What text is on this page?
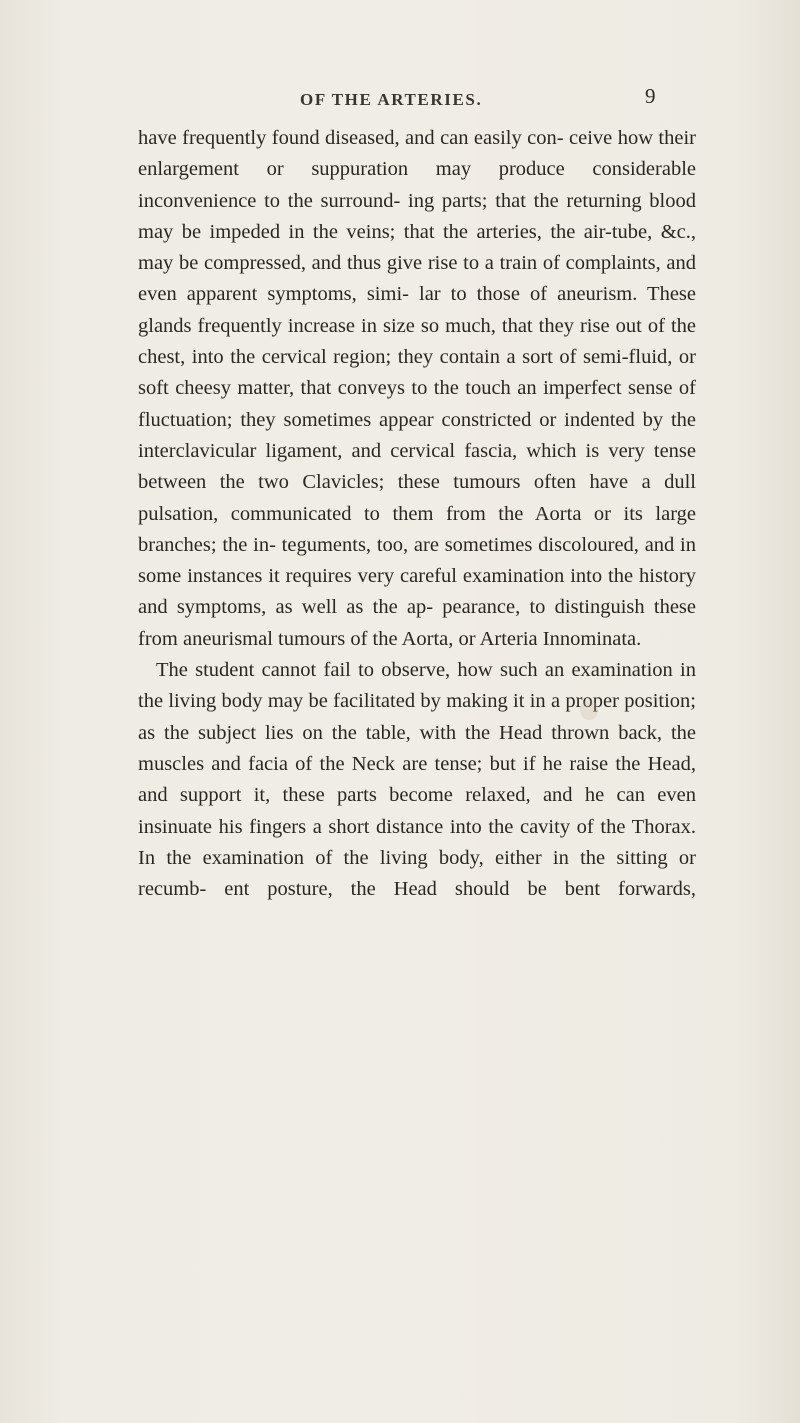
OF THE ARTERIES.	9

have frequently found diseased, and can easily con- ceive how their enlargement or suppuration may produce considerable inconvenience to the surround- ing parts; that the returning blood may be impeded in the veins; that the arteries, the air-tube, &c., may be compressed, and thus give rise to a train of complaints, and even apparent symptoms, simi- lar to those of aneurism. These glands frequently increase in size so much, that they rise out of the chest, into the cervical region; they contain a sort of semi-fluid, or soft cheesy matter, that conveys to the touch an imperfect sense of fluctuation; they sometimes appear constricted or indented by the interclavicular ligament, and cervical fascia, which is very tense between the two Clavicles; these tumours often have a dull pulsation, communicated to them from the Aorta or its large branches; the in- teguments, too, are sometimes discoloured, and in some instances it requires very careful examination into the history and symptoms, as well as the ap- pearance, to distinguish these from aneurismal tumours of the Aorta, or Arteria Innominata.

The student cannot fail to observe, how such an examination in the living body may be facilitated by making it in a proper position; as the subject lies on the table, with the Head thrown back, the muscles and facia of the Neck are tense; but if he raise the Head, and support it, these parts become relaxed, and he can even insinuate his fingers a short distance into the cavity of the Thorax. In the examination of the living body, either in the sitting or recumb- ent posture, the Head should be bent forwards,
